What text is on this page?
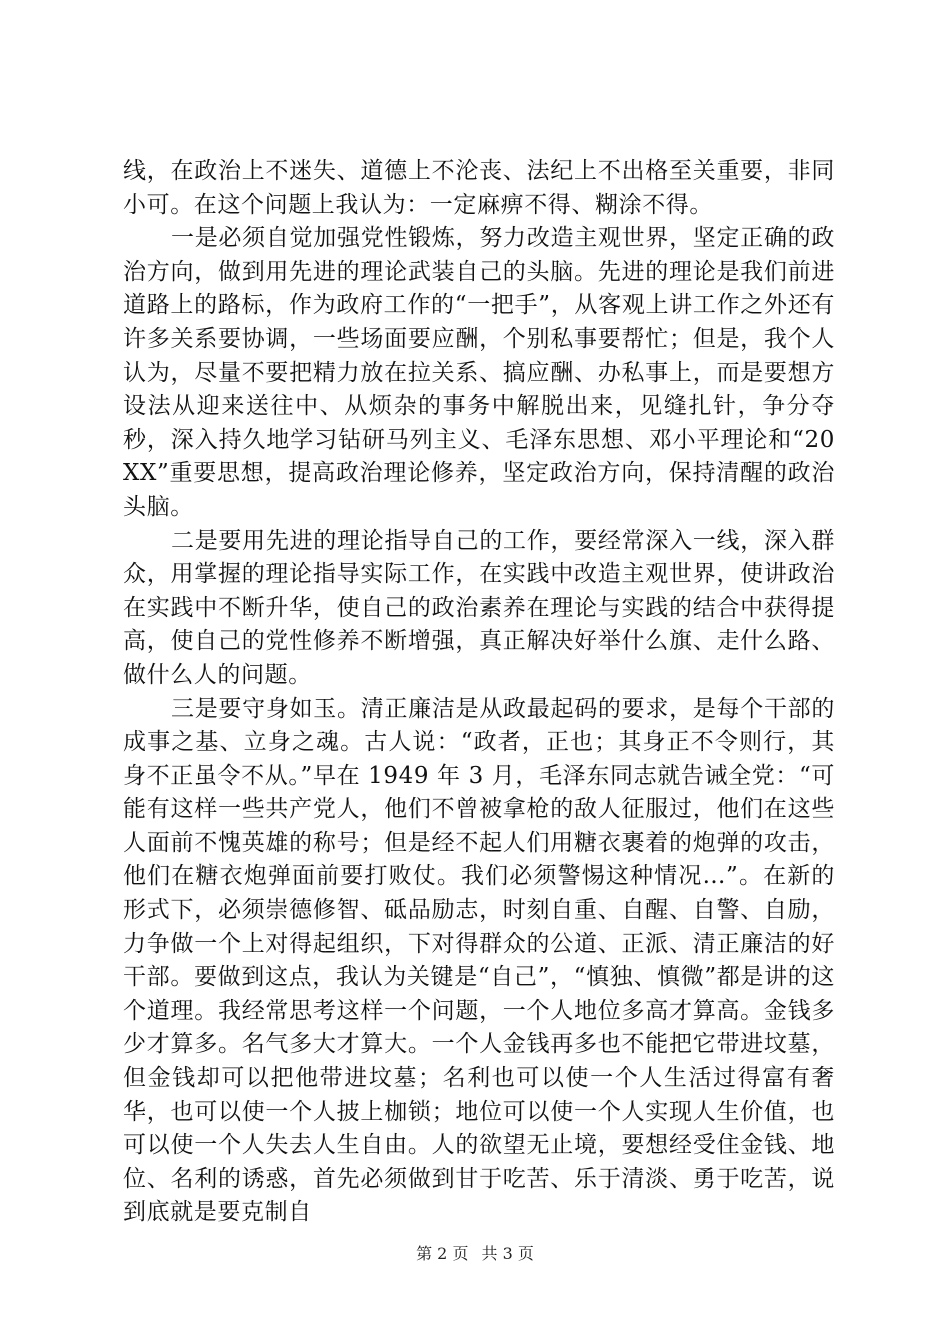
线，在政治上不迷失、道德上不沦丧、法纪上不出格至关重要，非同小可。在这个问题上我认为：一定麻痹不得、糊涂不得。

一是必须自觉加强党性锻炼，努力改造主观世界，坚定正确的政治方向，做到用先进的理论武装自己的头脑。先进的理论是我们前进道路上的路标，作为政府工作的“一把手”，从客观上讲工作之外还有许多关系要协调，一些场面要应酬，个别私事要帮忙；但是，我个人认为，尽量不要把精力放在拉关系、搞应酬、办私事上，而是要想方设法从迎来送往中、从烦杂的事务中解脱出来，见缝扎针，争分夺秒，深入持久地学习钻研马列主义、毛泽东思想、邓小平理论和“20XX”重要思想，提高政治理论修养，坚定政治方向，保持清醒的政治头脑。

二是要用先进的理论指导自己的工作，要经常深入一线，深入群众，用掌握的理论指导实际工作，在实践中改造主观世界，使讲政治在实践中不断升华，使自己的政治素养在理论与实践的结合中获得提高，使自己的党性修养不断增强，真正解决好举什么旗、走什么路、做什么人的问题。

三是要守身如玉。清正廉洁是从政最起码的要求，是每个干部的成事之基、立身之魂。古人说：“政者，正也；其身正不令则行，其身不正虽令不从。”早在 1949 年 3 月，毛泽东同志就告诫全党：“可能有这样一些共产党人，他们不曾被拿枪的敌人征服过，他们在这些人面前不愧英雄的称号；但是经不起人们用糖衣裹着的炮弹的攻击，他们在糖衣炮弹面前要打败仗。我们必须警惕这种情况…”。在新的形式下，必须崇德修智、砥品励志，时刻自重、自醒、自警、自励，力争做一个上对得起组织，下对得群众的公道、正派、清正廉洁的好干部。要做到这点，我认为关键是“自己”，“慎独、慎微”都是讲的这个道理。我经常思考这样一个问题，一个人地位多高才算高。金钱多少才算多。名气多大才算大。一个人金钱再多也不能把它带进坟墓，但金钱却可以把他带进坟墓；名利也可以使一个人生活过得富有奢华，也可以使一个人披上枷锁；地位可以使一个人实现人生价值，也可以使一个人失去人生自由。人的欲望无止境，要想经受住金钱、地位、名利的诱惑，首先必须做到甘于吃苦、乐于清淡、勇于吃苦，说到底就是要克制自

第 2 页 共 3 页
